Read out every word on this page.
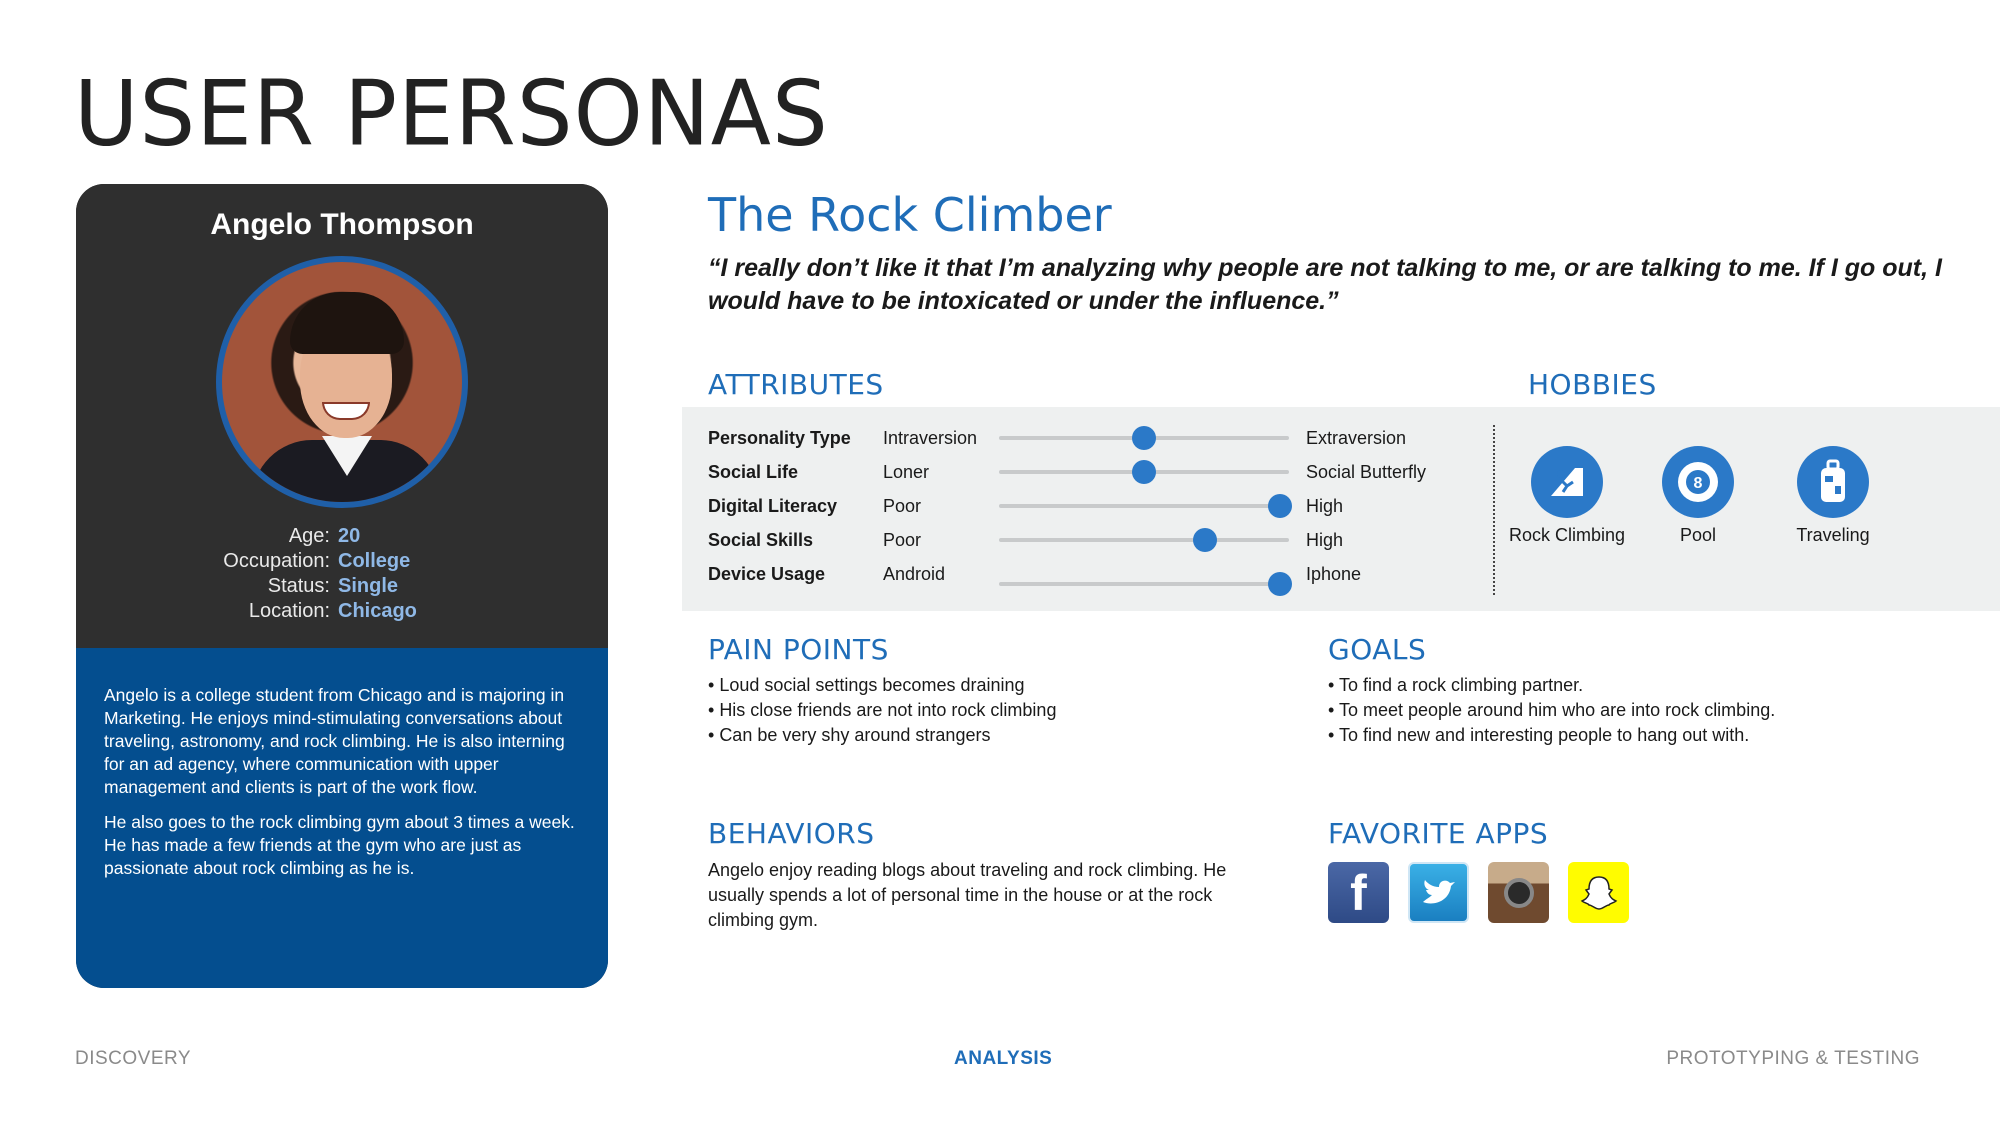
USER PERSONAS
Angelo Thompson
Age: 20
Occupation: College
Status: Single
Location: Chicago

Angelo is a college student from Chicago and is majoring in Marketing. He enjoys mind-stimulating conversations about traveling, astronomy, and rock climbing. He is also interning for an ad agency, where communication with upper management and clients is part of the work flow.

He also goes to the rock climbing gym about 3 times a week. He has made a few friends at the gym who are just as passionate about rock climbing as he is.

The Rock Climber
“I really don’t like it that I’m analyzing why people are not talking to me, or are talking to me. If I go out, I would have to be intoxicated or under the influence.”
ATTRIBUTES	HOBBIES
Personality Type Intraversion	Extraversion
Social Life	Loner	Social Butterfly
Digital Literacy	Poor	High
Social Skills	Poor	High
Device Usage	Android	Iphone
Rock Climbing
8
Pool	Traveling
PAIN POINTS
• Loud social settings becomes draining
• His close friends are not into rock climbing
• Can be very shy around strangers
GOALS
• To find a rock climbing partner.
• To meet people around him who are into rock climbing.
• To find new and interesting people to hang out with.
BEHAVIORS
Angelo enjoy reading blogs about traveling and rock climbing. He usually spends a lot of personal time in the house or at the rock climbing gym.
FAVORITE APPS
f
DISCOVERY	ANALYSIS	PROTOTYPING & TESTING
